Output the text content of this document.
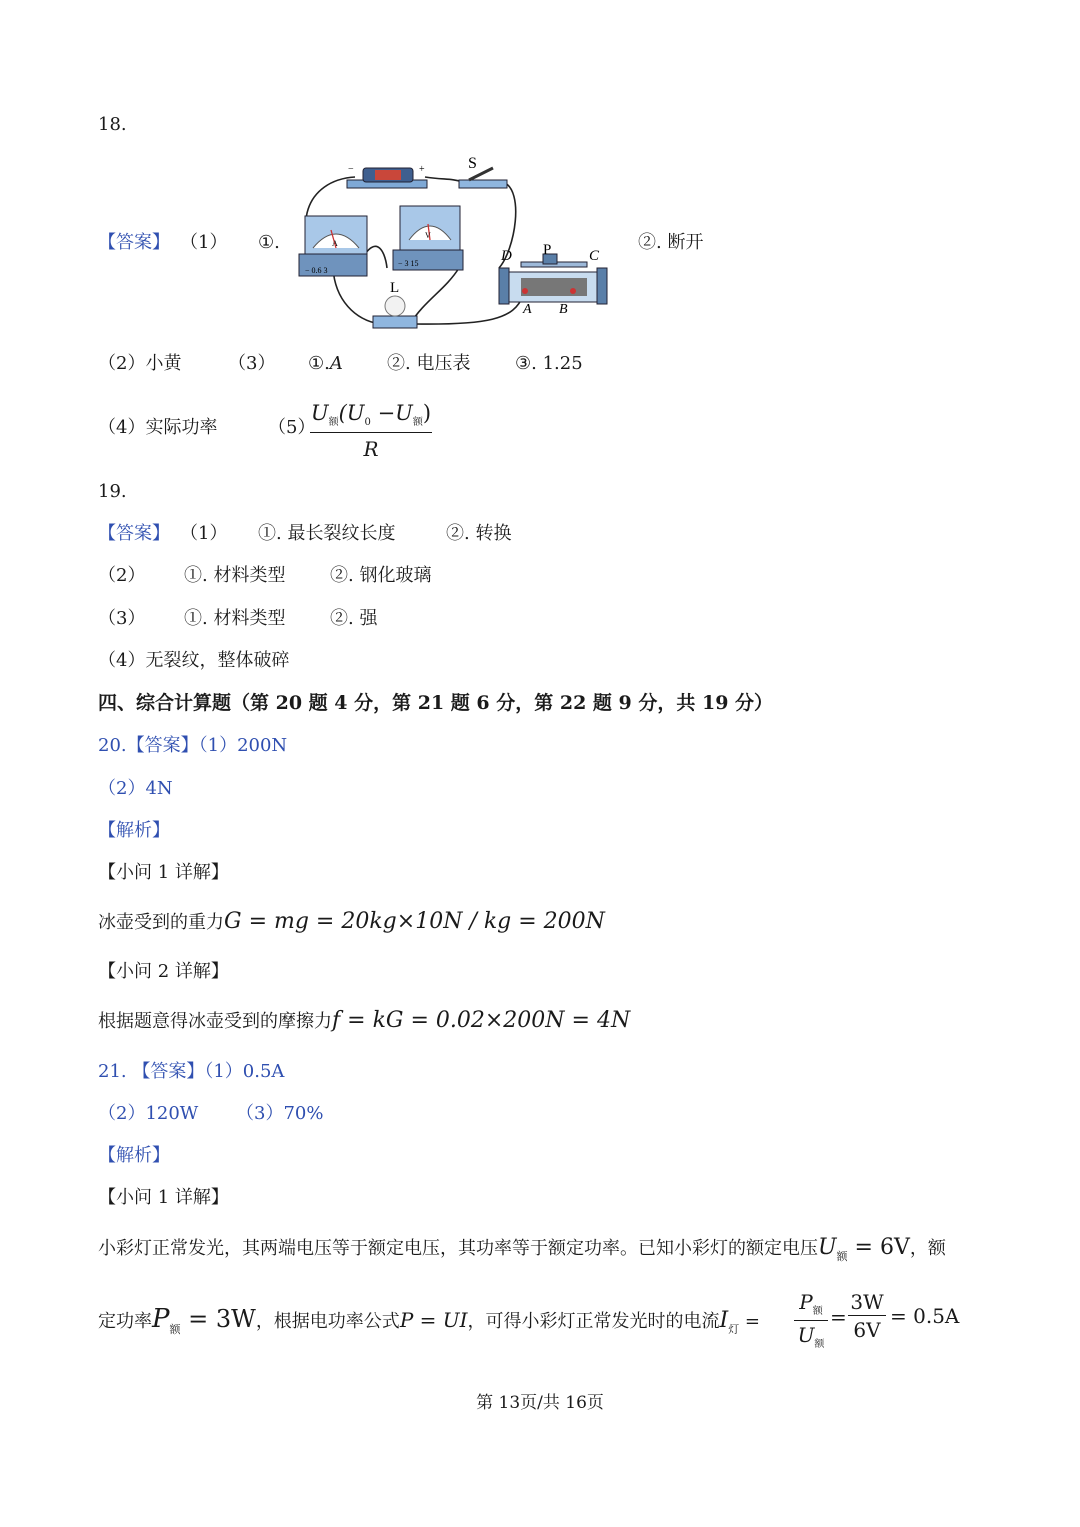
18.
【答案】 （1） ①.	②. 断开
−	+	S
A
− 0.6 3
V
− 3 15
L
D P	C
A B
（2）小黄	（3） ①.A ②. 电压表 ③. 1.25
（4）实际功率	（5）
$U_额(U_0 -U_额)$
R
19.
【答案】 （1） ①. 最长裂纹长度	②. 转换
（2） ①. 材料类型 ②. 钢化玻璃
（3） ①. 材料类型 ②. 强
（4）无裂纹，整体破碎
四、综合计算题（第 20 题 4 分，第 21 题 6 分，第 22 题 9 分，共 19 分）
20.【答案】（1）200N
（2）4N
【解析】
【小问 1 详解】
冰壶受到的重力G = mg = 20kg×10N / kg = 200N
【小问 2 详解】
根据题意得冰壶受到的摩擦力f = kG = 0.02×200N = 4N
21. 【答案】（1）0.5A
（2）120W （3）70%
【解析】
【小问 1 详解】
小彩灯正常发光，其两端电压等于额定电压，其功率等于额定功率。已知小彩灯的额定电压$U_额 = 6V$，额
定功率$P_额 = 3W$，根据电功率公式P = UI，可得小彩灯正常发光时的电流$I_灯$ =
$P_额$
$U_额$
=
3W
6V
= 0.5A
第 13页/共 16页
